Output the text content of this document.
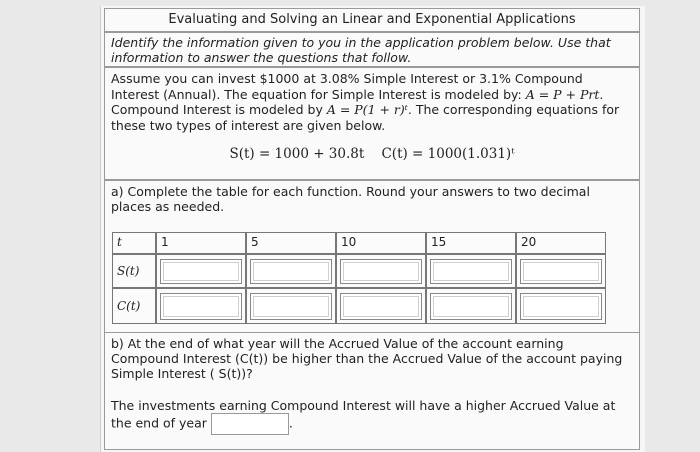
Evaluating and Solving an Linear and Exponential Applications
Identify the information given to you in the application problem below. Use that information to answer the questions that follow.
Assume you can invest $1000 at 3.08% Simple Interest or 3.1% Compound Interest (Annual). The equation for Simple Interest is modeled by: A = P + Prt. Compound Interest is modeled by A = P(1 + r)ᵗ. The corresponding equations for these two types of interest are given below.
S(t) = 1000 + 30.8t C(t) = 1000(1.031)ᵗ
a) Complete the table for each function. Round your answers to two decimal places as needed.
t	1	5	10	15	20
S(t)
C(t)
b) At the end of what year will the Accrued Value of the account earning Compound Interest (C(t)) be higher than the Accrued Value of the account paying Simple Interest ( S(t))?
The investments earning Compound Interest will have a higher Accrued Value at the end of year	.
